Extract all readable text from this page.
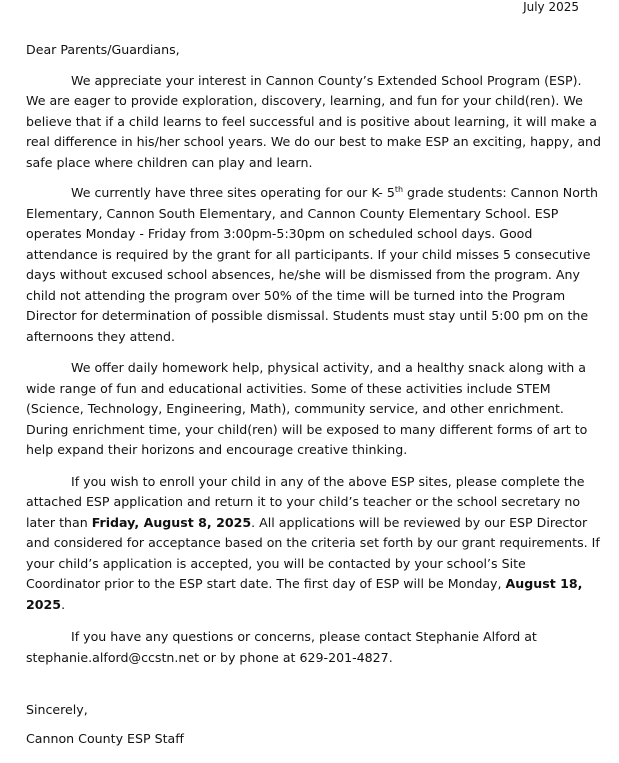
July 2025

Dear Parents/Guardians,

We appreciate your interest in Cannon County’s Extended School Program (ESP). We are eager to provide exploration, discovery, learning, and fun for your child(ren). We believe that if a child learns to feel successful and is positive about learning, it will make a real difference in his/her school years. We do our best to make ESP an exciting, happy, and safe place where children can play and learn.

We currently have three sites operating for our K- 5th grade students: Cannon North Elementary, Cannon South Elementary, and Cannon County Elementary School. ESP operates Monday - Friday from 3:00pm-5:30pm on scheduled school days. Good attendance is required by the grant for all participants. If your child misses 5 consecutive days without excused school absences, he/she will be dismissed from the program. Any child not attending the program over 50% of the time will be turned into the Program Director for determination of possible dismissal. Students must stay until 5:00 pm on the afternoons they attend.

We offer daily homework help, physical activity, and a healthy snack along with a wide range of fun and educational activities. Some of these activities include STEM (Science, Technology, Engineering, Math), community service, and other enrichment. During enrichment time, your child(ren) will be exposed to many different forms of art to help expand their horizons and encourage creative thinking.

If you wish to enroll your child in any of the above ESP sites, please complete the attached ESP application and return it to your child’s teacher or the school secretary no later than Friday, August 8, 2025. All applications will be reviewed by our ESP Director and considered for acceptance based on the criteria set forth by our grant requirements. If your child’s application is accepted, you will be contacted by your school’s Site Coordinator prior to the ESP start date. The first day of ESP will be Monday, August 18, 2025.

If you have any questions or concerns, please contact Stephanie Alford at stephanie.alford@ccstn.net or by phone at 629-201-4827.

Sincerely,
Cannon County ESP Staff
